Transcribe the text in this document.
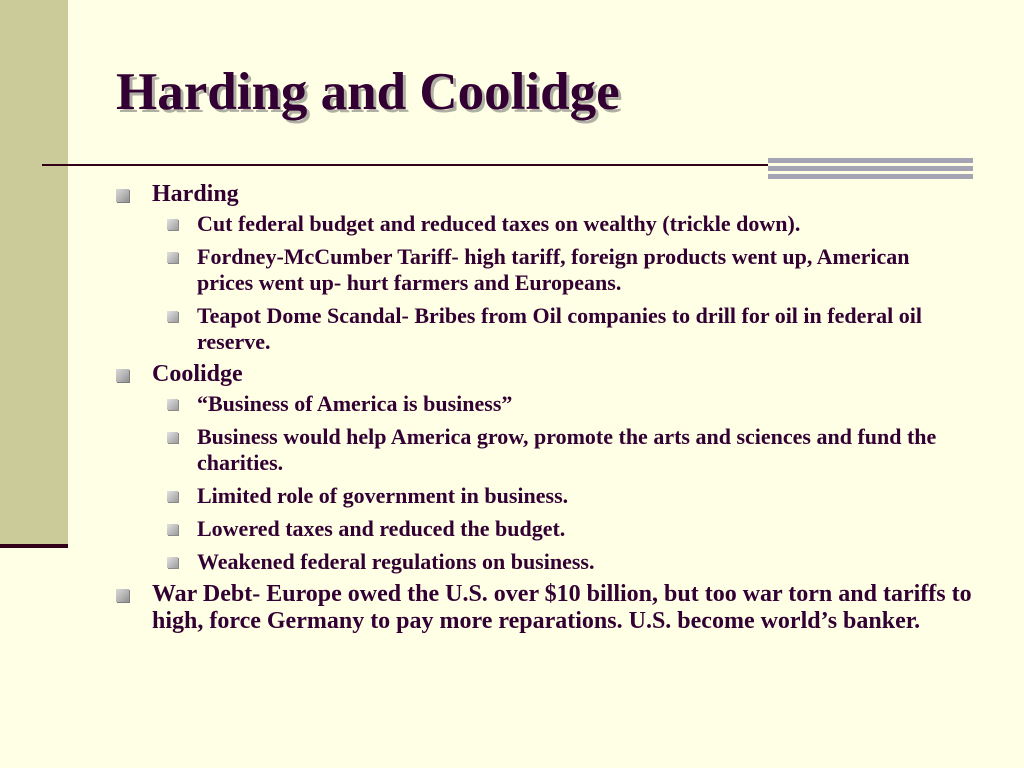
Harding and Coolidge
Harding
Cut federal budget and reduced taxes on wealthy (trickle down).
Fordney-McCumber Tariff- high tariff, foreign products went up, American prices went up- hurt farmers and Europeans.
Teapot Dome Scandal- Bribes from Oil companies to drill for oil in federal oil reserve.
Coolidge
“Business of America is business”
Business would help America grow, promote the arts and sciences and fund the charities.
Limited role of government in business.
Lowered taxes and reduced the budget.
Weakened federal regulations on business.
War Debt- Europe owed the U.S. over $10 billion, but too war torn and tariffs to high, force Germany to pay more reparations. U.S. become world’s banker.
